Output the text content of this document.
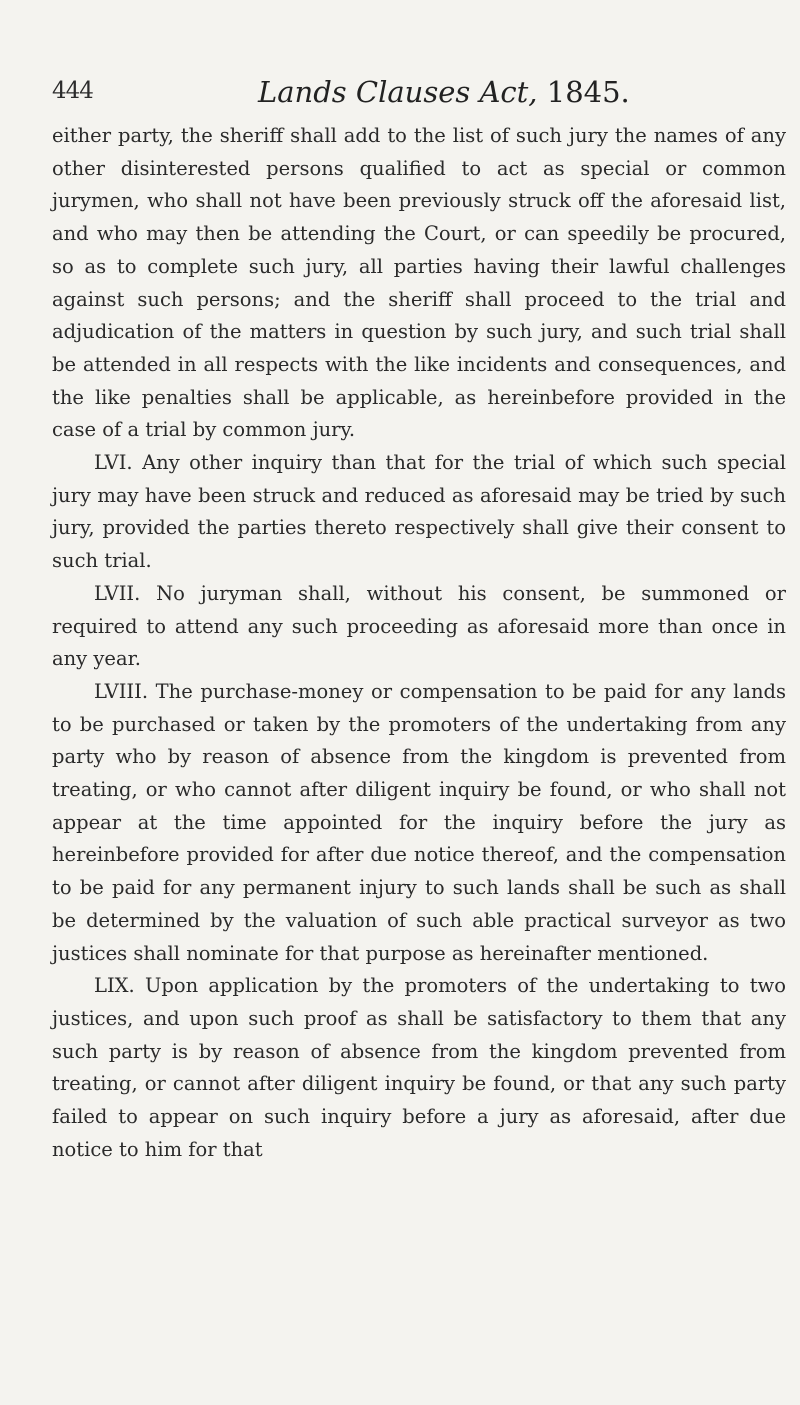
444	Lands Clauses Act, 1845.

either party, the sheriff shall add to the list of such jury the names of any other disinterested persons qualified to act as special or common jurymen, who shall not have been previously struck off the aforesaid list, and who may then be attending the Court, or can speedily be procured, so as to complete such jury, all parties having their lawful challenges against such persons; and the sheriff shall proceed to the trial and adjudication of the matters in question by such jury, and such trial shall be attended in all respects with the like incidents and consequences, and the like penalties shall be applicable, as hereinbefore provided in the case of a trial by common jury.

LVI. Any other inquiry than that for the trial of which such special jury may have been struck and reduced as aforesaid may be tried by such jury, provided the parties thereto respectively shall give their consent to such trial.

LVII. No juryman shall, without his consent, be summoned or required to attend any such proceeding as aforesaid more than once in any year.

LVIII. The purchase-money or compensation to be paid for any lands to be purchased or taken by the promoters of the undertaking from any party who by reason of absence from the kingdom is prevented from treating, or who cannot after diligent inquiry be found, or who shall not appear at the time appointed for the inquiry before the jury as hereinbefore provided for after due notice thereof, and the compensation to be paid for any permanent injury to such lands shall be such as shall be determined by the valuation of such able practical surveyor as two justices shall nominate for that purpose as hereinafter mentioned.

LIX. Upon application by the promoters of the undertaking to two justices, and upon such proof as shall be satisfactory to them that any such party is by reason of absence from the kingdom prevented from treating, or cannot after diligent inquiry be found, or that any such party failed to appear on such inquiry before a jury as aforesaid, after due notice to him for that
